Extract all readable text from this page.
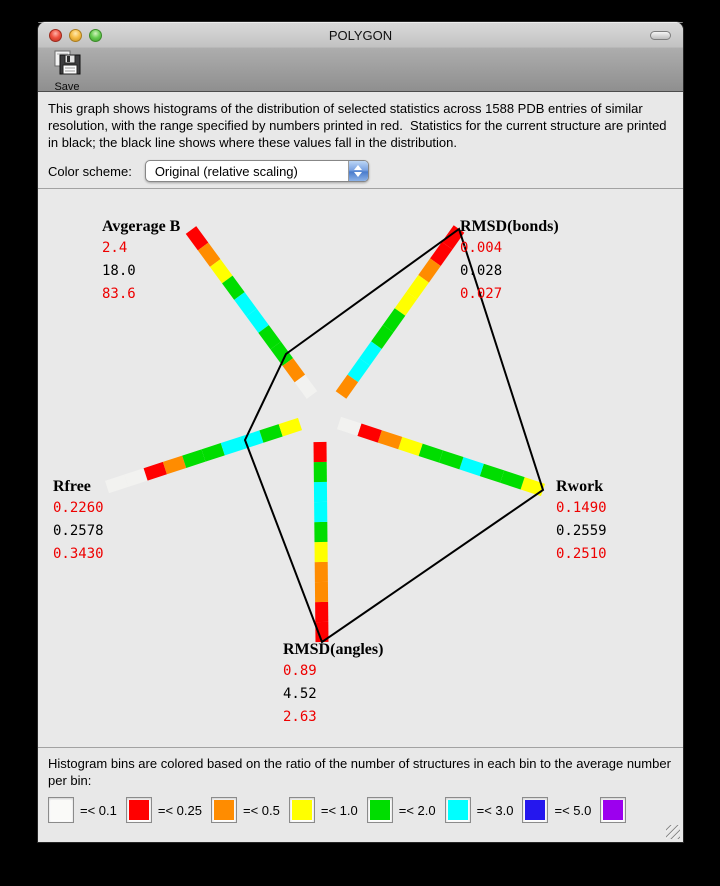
POLYGON
Save
This graph shows histograms of the distribution of selected statistics across 1588 PDB entries of similar resolution, with the range specified by numbers printed in red.  Statistics for the current structure are printed in black; the black line shows where these values fall in the distribution.
Color scheme:	Original (relative scaling)
Avgerage B
2.4
18.0
83.6
RMSD(bonds)
0.004
0.028
0.027
Rfree
0.2260
0.2578
0.3430
Rwork
0.1490
0.2559
0.2510
RMSD(angles)
0.89
4.52
2.63
Histogram bins are colored based on the ratio of the number of structures in each bin to the average number per bin:
=< 0.1	=< 0.25	=< 0.5	=< 1.0	=< 2.0	=< 3.0	=< 5.0
